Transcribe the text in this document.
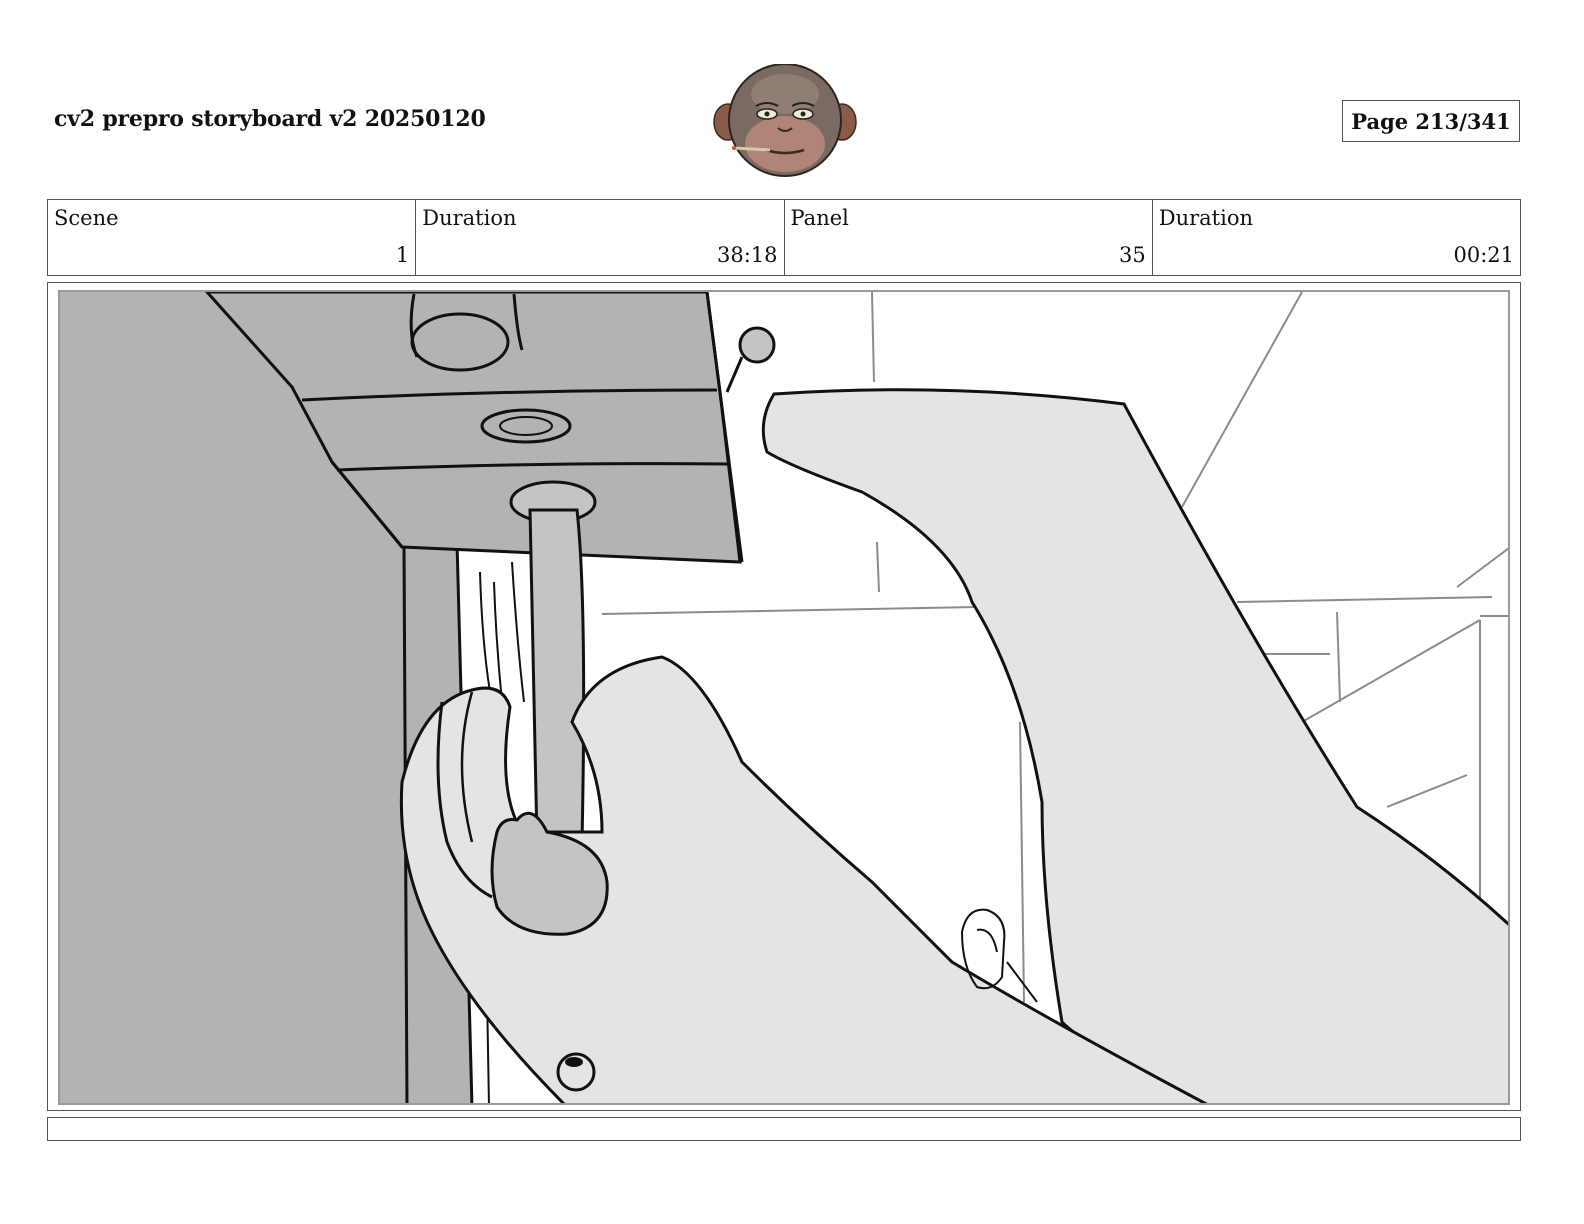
cv2 prepro storyboard v2 20250120	Page 213/341
Scene
1
Duration
38:18
Panel
35
Duration
00:21
